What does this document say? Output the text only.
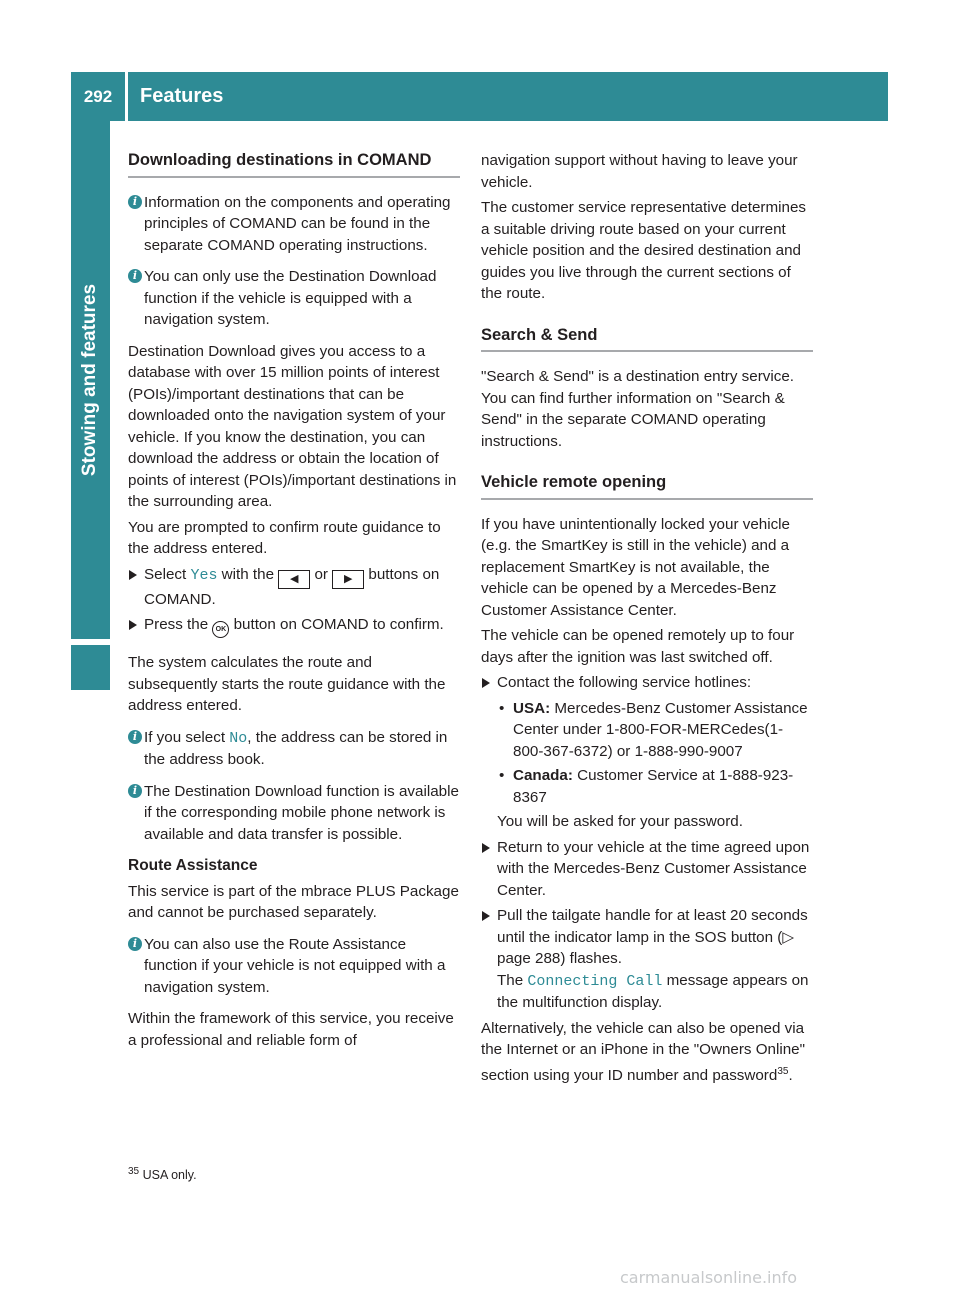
292	Features
Stowing and features
Downloading destinations in COMAND
i Information on the components and operating principles of COMAND can be found in the separate COMAND operating instructions.
i You can only use the Destination Download function if the vehicle is equipped with a navigation system.

Destination Download gives you access to a database with over 15 million points of interest (POIs)/important destinations that can be downloaded onto the navigation system of your vehicle. If you know the destination, you can download the address or obtain the location of points of interest (POIs)/important destinations in the surrounding area.

You are prompted to confirm route guidance to the address entered.

Select Yes with the ◀ or ▶ buttons on COMAND.
Press the OK button on COMAND to confirm.

The system calculates the route and subsequently starts the route guidance with the address entered.

i If you select No, the address can be stored in the address book.
i The Destination Download function is available if the corresponding mobile phone network is available and data transfer is possible.
Route Assistance

This service is part of the mbrace PLUS Package and cannot be purchased separately.

i You can also use the Route Assistance function if your vehicle is not equipped with a navigation system.

Within the framework of this service, you receive a professional and reliable form of

navigation support without having to leave your vehicle.

The customer service representative determines a suitable driving route based on your current vehicle position and the desired destination and guides you live through the current sections of the route.

Search & Send

"Search & Send" is a destination entry service. You can find further information on "Search & Send" in the separate COMAND operating instructions.

Vehicle remote opening

If you have unintentionally locked your vehicle (e.g. the SmartKey is still in the vehicle) and a replacement SmartKey is not available, the vehicle can be opened by a Mercedes-Benz Customer Assistance Center.

The vehicle can be opened remotely up to four days after the ignition was last switched off.

Contact the following service hotlines:
• USA: Mercedes-Benz Customer Assistance Center under 1-800-FOR-MERCedes(1-800-367-6372) or 1-888-990-9007
• Canada: Customer Service at 1-888-923-8367
You will be asked for your password.
Return to your vehicle at the time agreed upon with the Mercedes-Benz Customer Assistance Center.
Pull the tailgate handle for at least 20 seconds until the indicator lamp in the SOS button (▷ page 288) flashes.
The Connecting Call message appears on the multifunction display.

Alternatively, the vehicle can also be opened via the Internet or an iPhone in the "Owners Online" section using your ID number and password$^{35}$.

$^{35}$ USA only.
carmanualsonline.info
